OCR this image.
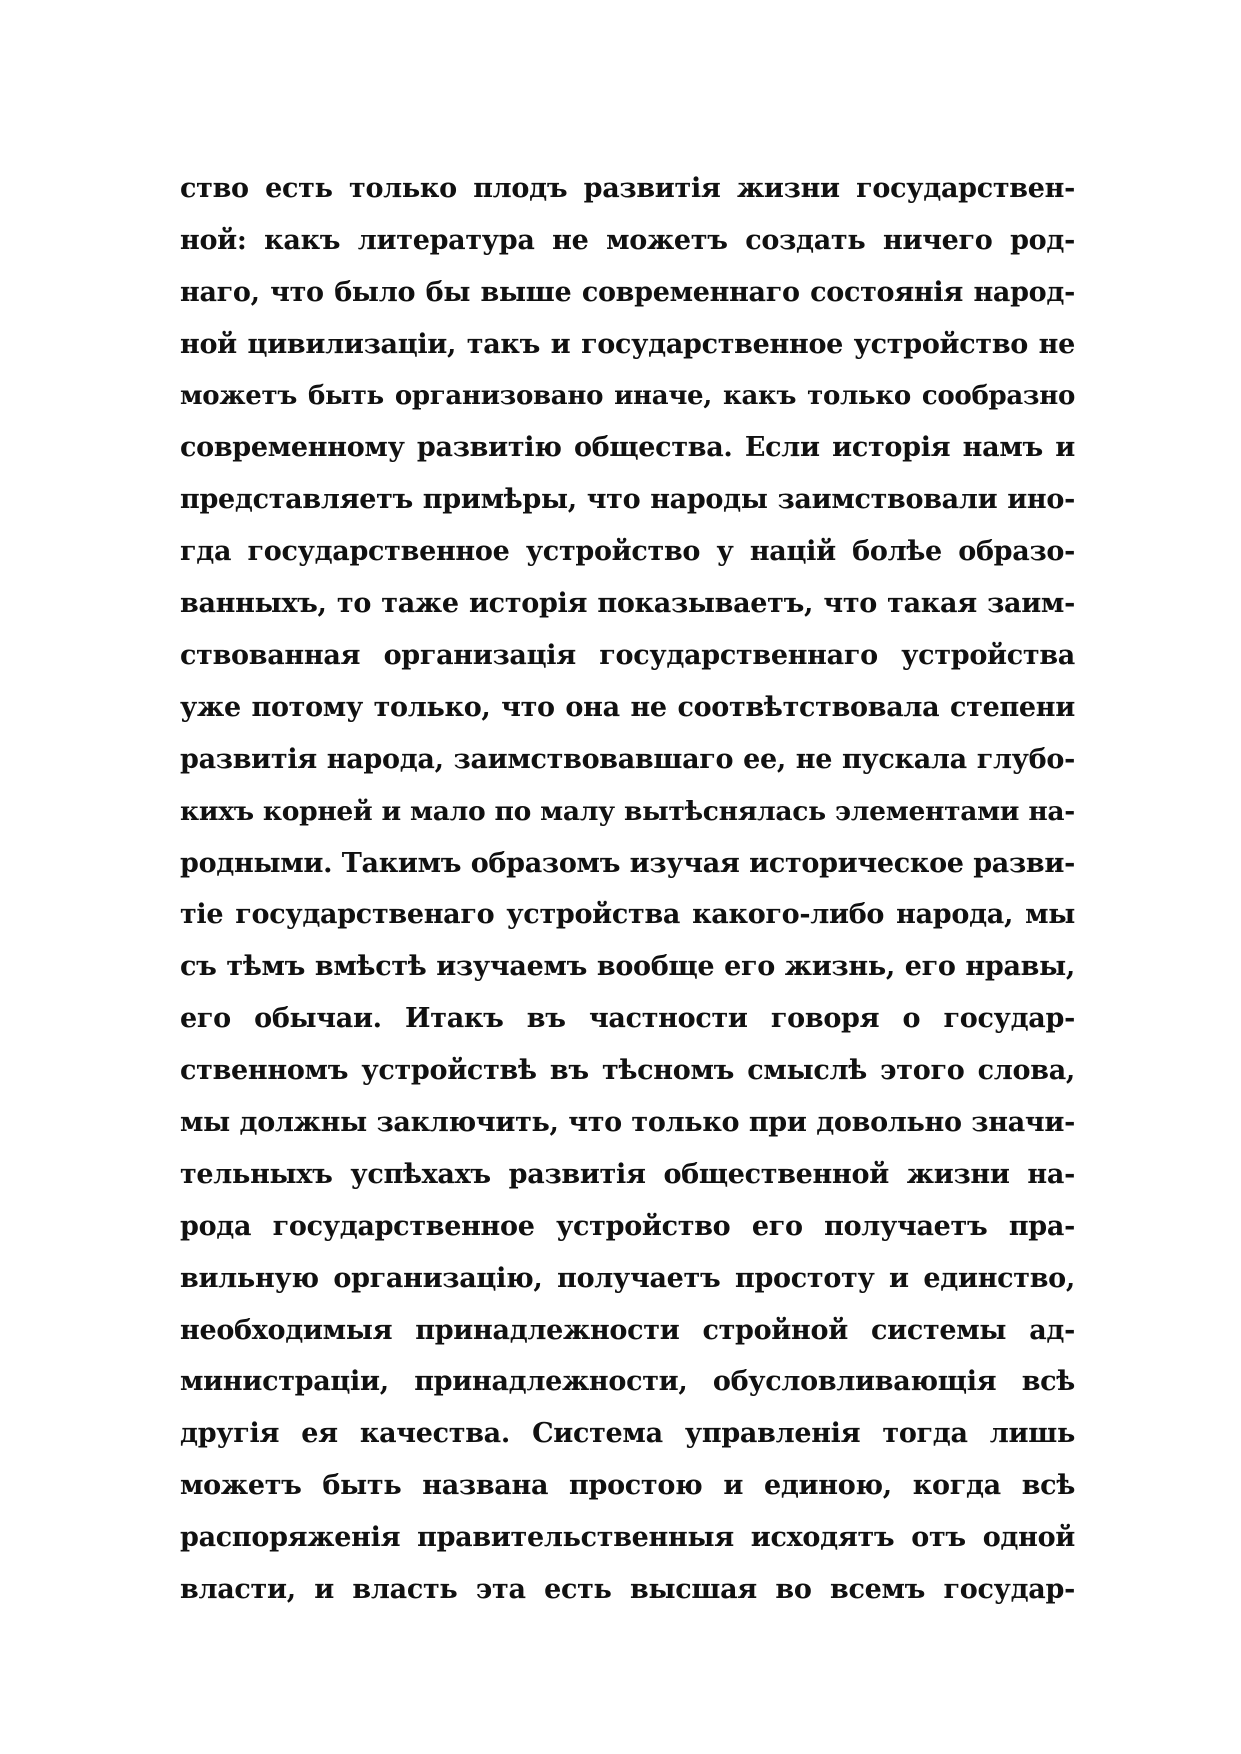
ство есть только плодъ развитія жизни государствен-
ной: какъ литература не можетъ создать ничего род-
наго, что было бы выше современнаго состоянія народ-
ной цивилизаціи, такъ и государственное устройство не
можетъ быть организовано иначе, какъ только сообразно
современному развитію общества. Если исторія намъ и
представляетъ примѣры, что народы заимствовали ино-
гда государственное устройство у націй болѣе образо-
ванныхъ, то таже исторія показываетъ, что такая заим-
ствованная организація государственнаго устройства
уже потому только, что она не соотвѣтствовала степени
развитія народа, заимствовавшаго ее, не пускала глубо-
кихъ корней и мало по малу вытѣснялась элементами на-
родными. Такимъ образомъ изучая историческое разви-
тіе государственаго устройства какого-либо народа, мы
съ тѣмъ вмѣстѣ изучаемъ вообще его жизнь, его нравы,
его обычаи. Итакъ въ частности говоря о государ-
ственномъ устройствѣ въ тѣсномъ смыслѣ этого слова,
мы должны заключить, что только при довольно значи-
тельныхъ успѣхахъ развитія общественной жизни на-
рода государственное устройство его получаетъ пра-
вильную организацію, получаетъ простоту и единство,
необходимыя принадлежности стройной системы ад-
министраціи, принадлежности, обусловливающія всѣ
другія ея качества. Система управленія тогда лишь
можетъ быть названа простою и единою, когда всѣ
распоряженія правительственныя исходятъ отъ одной
власти, и власть эта есть высшая во всемъ государ-
